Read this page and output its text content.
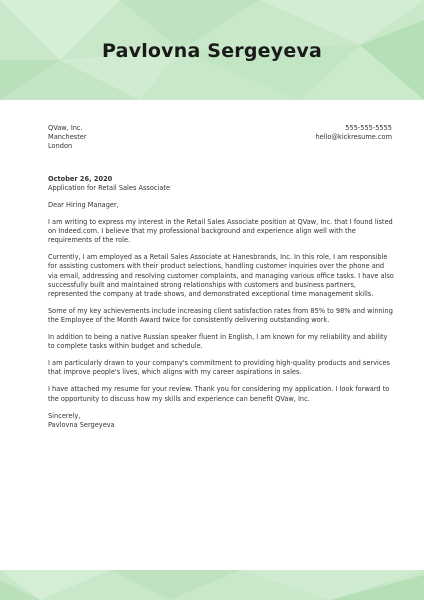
Pavlovna Sergeyeva
QVaw, Inc.
Manchester
London
555-555-5555
hello@kickresume.com
October 26, 2020
Application for Retail Sales Associate

Dear Hiring Manager,

I am writing to express my interest in the Retail Sales Associate position at QVaw, Inc. that I found listed on Indeed.com. I believe that my professional background and experience align well with the requirements of the role.

Currently, I am employed as a Retail Sales Associate at Hanesbrands, Inc. In this role, I am responsible for assisting customers with their product selections, handling customer inquiries over the phone and via email, addressing and resolving customer complaints, and managing various office tasks. I have also successfully built and maintained strong relationships with customers and business partners, represented the company at trade shows, and demonstrated exceptional time management skills.

Some of my key achievements include increasing client satisfaction rates from 85% to 98% and winning the Employee of the Month Award twice for consistently delivering outstanding work.

In addition to being a native Russian speaker fluent in English, I am known for my reliability and ability to complete tasks within budget and schedule.

I am particularly drawn to your company's commitment to providing high-quality products and services that improve people's lives, which aligns with my career aspirations in sales.

I have attached my resume for your review. Thank you for considering my application. I look forward to the opportunity to discuss how my skills and experience can benefit QVaw, Inc.

Sincerely,
Pavlovna Sergeyeva
